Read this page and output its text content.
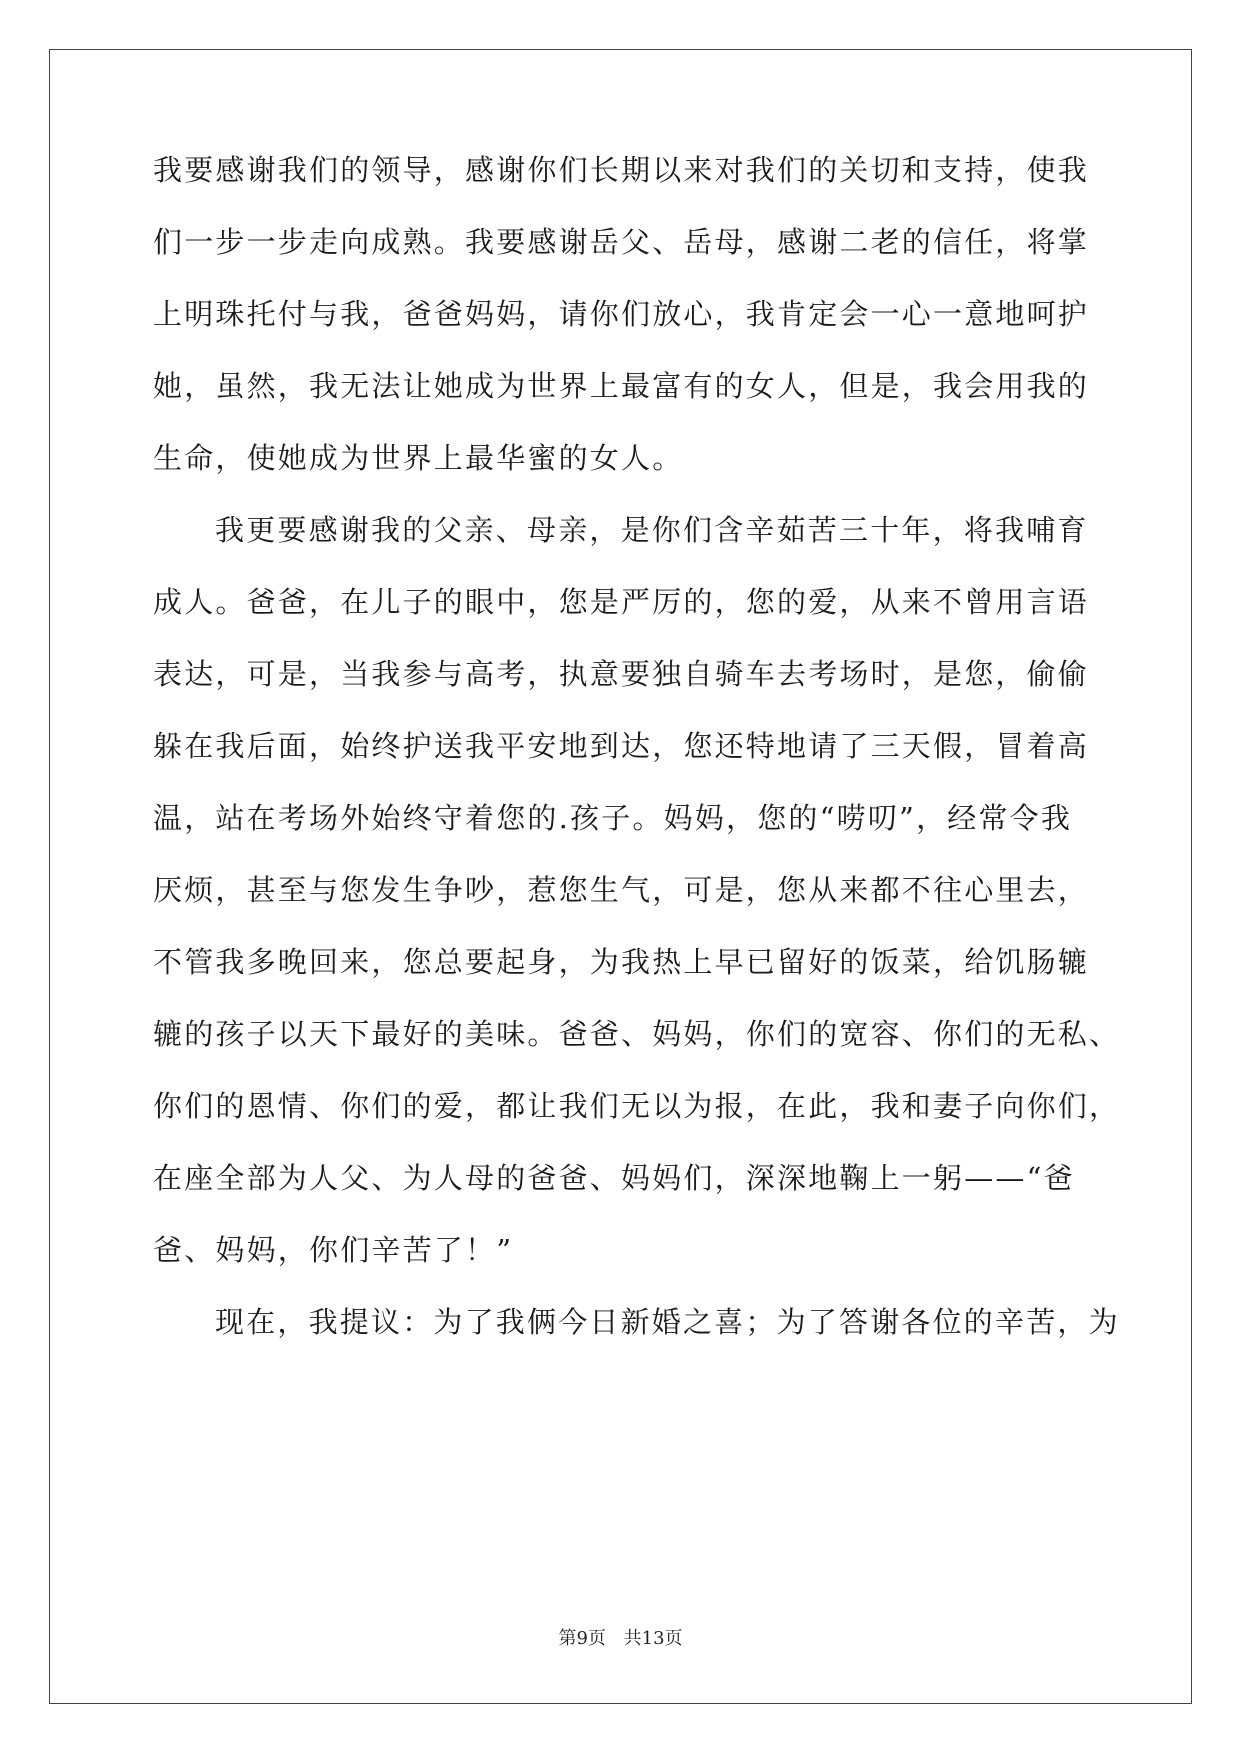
我要感谢我们的领导，感谢你们长期以来对我们的关切和支持，使我
们一步一步走向成熟。我要感谢岳父、岳母，感谢二老的信任，将掌
上明珠托付与我，爸爸妈妈，请你们放心，我肯定会一心一意地呵护
她，虽然，我无法让她成为世界上最富有的女人，但是，我会用我的
生命，使她成为世界上最华蜜的女人。
我更要感谢我的父亲、母亲，是你们含辛茹苦三十年，将我哺育
成人。爸爸，在儿子的眼中，您是严厉的，您的爱，从来不曾用言语
表达，可是，当我参与高考，执意要独自骑车去考场时，是您，偷偷
躲在我后面，始终护送我平安地到达，您还特地请了三天假，冒着高
温，站在考场外始终守着您的.孩子。妈妈，您的“唠叨”，经常令我
厌烦，甚至与您发生争吵，惹您生气，可是，您从来都不往心里去，
不管我多晚回来，您总要起身，为我热上早已留好的饭菜，给饥肠辘
辘的孩子以天下最好的美味。爸爸、妈妈，你们的宽容、你们的无私、
你们的恩情、你们的爱，都让我们无以为报，在此，我和妻子向你们，
在座全部为人父、为人母的爸爸、妈妈们，深深地鞠上一躬——“爸
爸、妈妈，你们辛苦了！”
现在，我提议：为了我俩今日新婚之喜；为了答谢各位的辛苦，为
第9页 共13页
